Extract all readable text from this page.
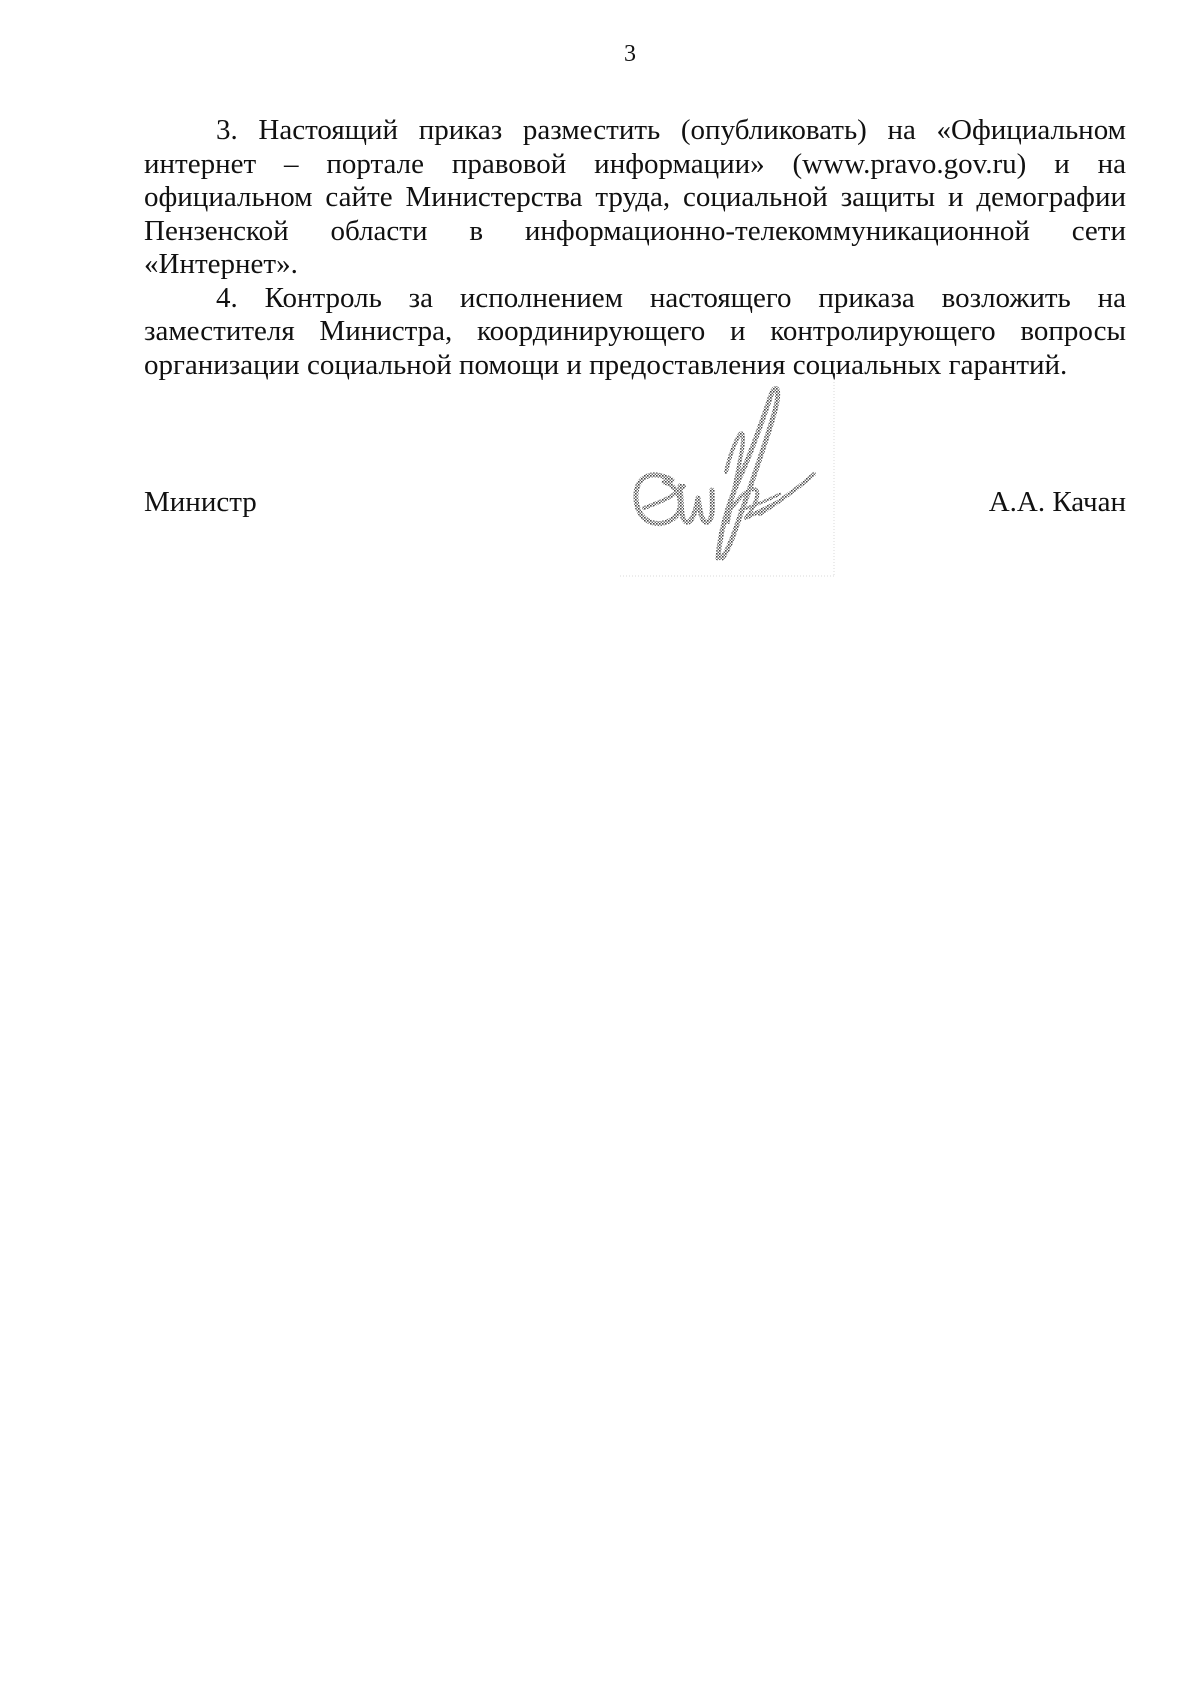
3

3. Настоящий приказ разместить (опубликовать) на «Официальном интернет – портале правовой информации» (www.pravo.gov.ru) и на официальном сайте Министерства труда, социальной защиты и демографии Пензенской области в информационно-телекоммуникационной сети «Интернет».

4. Контроль за исполнением настоящего приказа возложить на заместителя Министра, координирующего и контролирующего вопросы организации социальной помощи и предоставления социальных гарантий.

Министр	А.А. Качан
